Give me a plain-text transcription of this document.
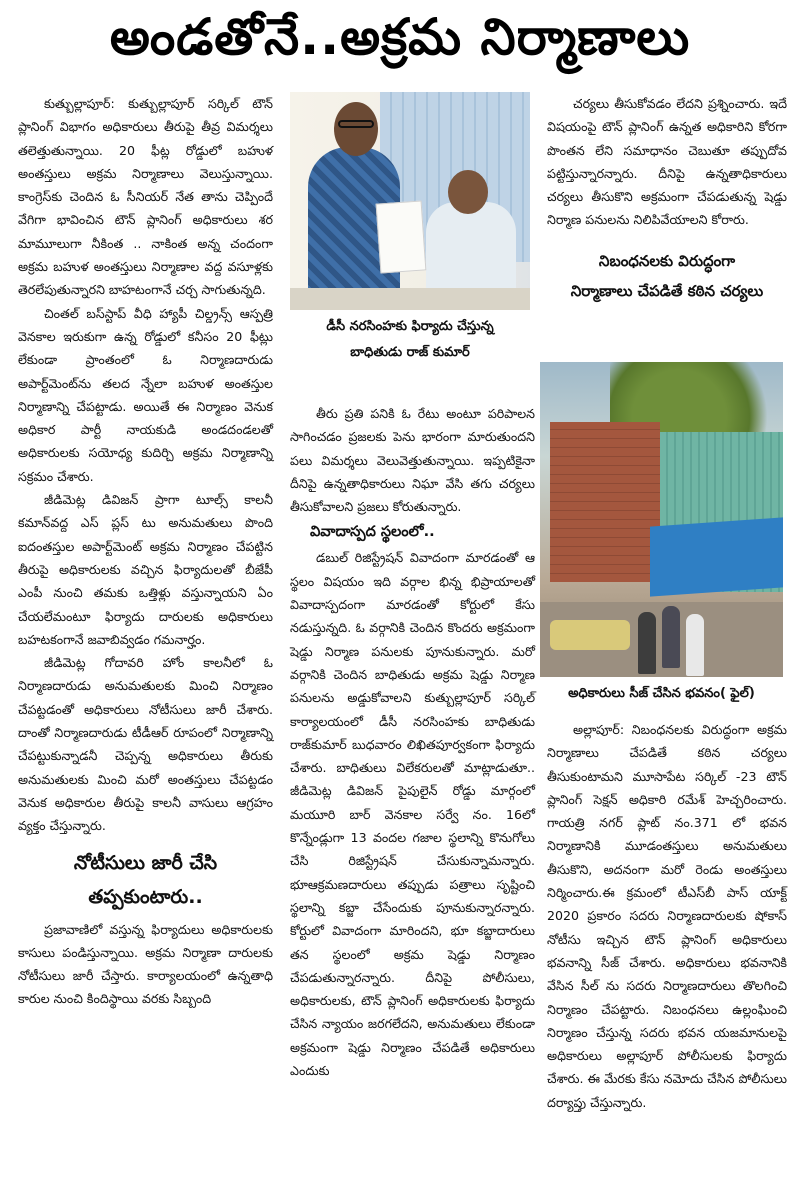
అండతోనే..అక్రమ నిర్మాణాలు

కుత్బుల్లాపూర్: కుత్బుల్లాపూర్ సర్కిల్ టౌన్ ప్లానింగ్ విభాగం అధికారులు తీరుపై తీవ్ర విమర్శలు తలెత్తుతున్నాయి. 20 ఫీట్ల రోడ్డులో బహుళ అంతస్తులు అక్రమ నిర్మాణాలు వెలుస్తున్నాయి. కాంగ్రెస్‌కు చెందిన ఓ సీనియర్ నేత తాను చెప్పిందే వేగిగా భావించిన టౌన్ ప్లానింగ్ అధికారులు శర మామూలుగా నీకింత .. నాకింత అన్న చందంగా అక్రమ బహుళ అంతస్తులు నిర్మాణాల వద్ద వసూళ్లకు తెరలేపుతున్నారని బాహటంగానే చర్చ సాగుతున్నది.

చింతల్ బస్‌స్టాప్ వీధి హ్యాపీ చిల్డ్రన్స్ ఆస్పత్రి వెనకాల ఇరుకుగా ఉన్న రోడ్డులో కనీసం 20 ఫీట్లు లేకుండా ప్రాంతంలో ఓ నిర్మాణదారుడు అపార్ట్‌మెంట్‌ను తలద న్నేలా బహుళ అంతస్తుల నిర్మాణాన్ని చేపట్టాడు. అయితే ఈ నిర్మాణం వెనుక అధికార పార్టీ నాయకుడి అండదండలతో అధికారులకు సయోధ్య కుదిర్చి అక్రమ నిర్మాణాన్ని సక్రమం చేశారు.

జీడిమెట్ల డివిజన్ ప్రాగా టూల్స్ కాలనీ కమాన్‌వద్ద ఎస్ ప్లస్ టు అనుమతులు పొంది ఐదంతస్తుల అపార్ట్‌మెంట్ అక్రమ నిర్మాణం చేపట్టిన తీరుపై అధికారులకు వచ్చిన ఫిర్యాదులతో బీజేపీ ఎంపీ నుంచి తమకు ఒత్తిళ్లు వస్తున్నాయని ఏం చేయలేమంటూ ఫిర్యాదు దారులకు అధికారులు బహటకంగానే జవాబివ్వడం గమనార్హం.

జీడిమెట్ల గోదావరి హోం కాలనీలో ఓ నిర్మాణదారుడు అనుమతులకు మించి నిర్మాణం చేపట్టడంతో అధికారులు నోటీసులు జారీ చేశారు. దాంతో నిర్మాణదారుడు టీడీఆర్ రూపంలో నిర్మాణాన్ని చేపట్టుకున్నాడనీ చెప్పన్న అధికారులు తీరుకు అనుమతులకు మించి మరో అంతస్తులు చేపట్టడం వెనుక అధికారుల తీరుపై కాలనీ వాసులు ఆగ్రహం వ్యక్తం చేస్తున్నారు.

నోటీసులు జారీ చేసి
తప్పకుంటారు..

ప్రజావాణిలో వస్తున్న ఫిర్యాదులు అధికారులకు కాసులు పండిస్తున్నాయి. అక్రమ నిర్మాణా దారులకు నోటీసులు జారీ చేస్తారు. కార్యాలయంలో ఉన్నతాధి కారుల నుంచి కిందిస్థాయి వరకు సిబ్బంది

డీసీ నరసింహకు ఫిర్యాదు చేస్తున్న
బాధితుడు రాజ్ కుమార్

తీరు ప్రతి పనికి ఓ రేటు అంటూ పరిపాలన సాగించడం ప్రజలకు పెను భారంగా మారుతుందని పలు విమర్శలు వెలువెత్తుతున్నాయి. ఇప్పటికైనా దీనిపై ఉన్నతాధికారులు నిఘా వేసి తగు చర్యలు తీసుకోవాలని ప్రజలు కోరుతున్నారు.

వివాదాస్పద స్థలంలో..

డబుల్ రిజిస్ట్రేషన్ వివాదంగా మారడంతో ఆ స్థలం విషయం ఇది వర్గాల భిన్న భిప్రాయాలతో వివాదాస్పదంగా మారడంతో కోర్టులో కేసు నడుస్తున్నది. ఓ వర్గానికి చెందిన కొందరు అక్రమంగా షెడ్డు నిర్మాణ పనులకు పూనుకున్నారు. మరో వర్గానికి చెందిన బాధితుడు అక్రమ షెడ్డు నిర్మాణ పనులను అడ్డుకోవాలని కుత్బుల్లాపూర్ సర్కిల్ కార్యాలయంలో డీసీ నరసింహకు బాధితుడు రాజ్‌కుమార్ బుధవారం లిఖితపూర్వకంగా ఫిర్యాదు చేశారు. బాధితులు విలేకరులతో మాట్లాడుతూ.. జీడిమెట్ల డివిజన్ పైపులైన్ రోడ్డు మార్గంలో మయూరి బార్ వెనకాల సర్వే నం. 16లో కొన్నేండ్లుగా 13 వందల గజాల స్థలాన్ని కొనుగోలు చేసి రిజిస్ట్రేషన్ చేసుకున్నామన్నారు. భూఆక్రమణదారులు తప్పుడు పత్రాలు సృష్టించి స్థలాన్ని కబ్జా చేసేందుకు పూనుకున్నారన్నారు. కోర్టులో వివాదంగా మారిందని, భూ కబ్జాదారులు తన స్థలంలో అక్రమ షెడ్డు నిర్మాణం చేపడుతున్నారన్నారు. దీనిపై పోలీసులు, అధికారులకు, టౌన్ ప్లానింగ్ అధికారులకు ఫిర్యాదు చేసిన న్యాయం జరగలేదని, అనుమతులు లేకుండా అక్రమంగా షెడ్డు నిర్మాణం చేపడితే అధికారులు ఎందుకు

చర్యలు తీసుకోవడం లేదని ప్రశ్నించారు. ఇదే విషయంపై టౌన్ ప్లానింగ్ ఉన్నత అధికారిని కోరగా పొంతన లేని సమాధానం చెబుతూ తప్పుదోవ పట్టిస్తున్నారన్నారు. దీనిపై ఉన్నతాధికారులు చర్యలు తీసుకొని అక్రమంగా చేపడుతున్న షెడ్డు నిర్మాణ పనులను నిలిపివేయాలని కోరారు.

నిబంధనలకు విరుద్ధంగా
నిర్మాణాలు చేపడితే కఠిన చర్యలు
అధికారులు సీజ్ చేసిన భవనం( ఫైల్)

అల్లాపూర్: నిబంధనలకు విరుద్ధంగా అక్రమ నిర్మాణాలు చేపడితే కఠిన చర్యలు తీసుకుంటామని మూసాపేట సర్కిల్ -23 టౌన్ ప్లానింగ్ సెక్షన్ అధికారి రమేశ్ హెచ్చరించారు. గాయత్రి నగర్ ప్లాట్ నం.371 లో భవన నిర్మాణానికి మూడంతస్తులు అనుమతులు తీసుకొని, అదనంగా మరో రెండు అంతస్తులు నిర్మించారు.ఈ క్రమంలో టీఎస్‌బీ పాస్ యాక్ట్ 2020 ప్రకారం సదరు నిర్మాణదారులకు షోకాస్ నోటీసు ఇచ్చిన టౌన్ ప్లానింగ్ అధికారులు భవనాన్ని సీజ్ చేశారు. అధికారులు భవనానికి వేసిన సీల్ ను సదరు నిర్మాణదారులు తొలగించి నిర్మాణం చేపట్టారు. నిబంధనలు ఉల్లంఘించి నిర్మాణం చేస్తున్న సదరు భవన యజమానులపై అధికారులు అల్లాపూర్ పోలీసులకు ఫిర్యాదు చేశారు. ఈ మేరకు కేసు నమోదు చేసిన పోలీసులు దర్యాప్తు చేస్తున్నారు.
